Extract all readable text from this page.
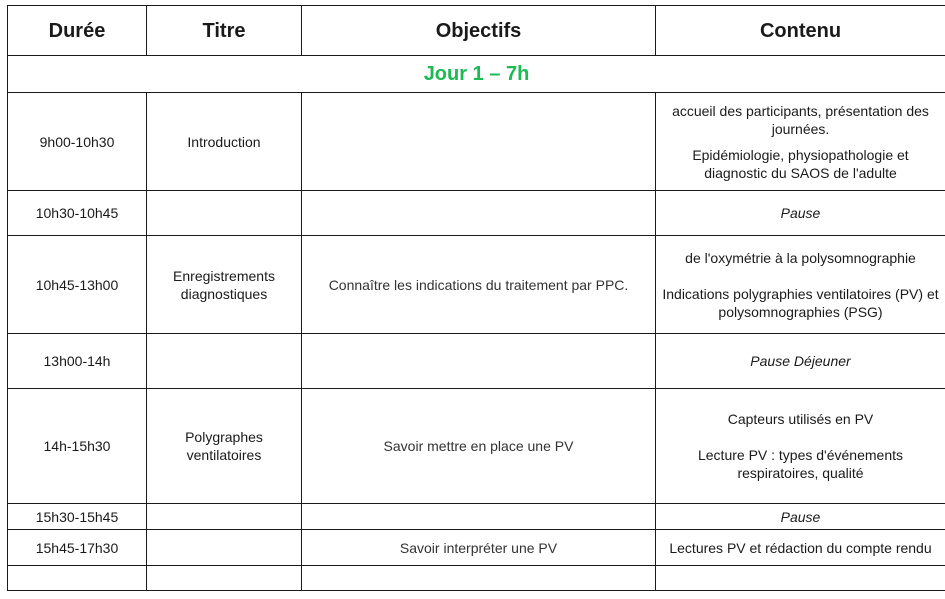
Durée	Titre	Objectifs	Contenu
Jour 1 – 7h			
9h00-10h30	Introduction		accueil des participants, présentation des journées.
Epidémiologie, physiopathologie et diagnostic du SAOS de l'adulte

10h30-10h45			Pause
10h45-13h00	Enregistrements diagnostiques	Connaître les indications du traitement par PPC.	de l'oxymétrie à la polysomnographie
Indications polygraphies ventilatoires (PV) et polysomnographies (PSG)

13h00-14h			Pause Déjeuner
14h-15h30	Polygraphes ventilatoires	Savoir mettre en place une PV	Capteurs utilisés en PV
Lecture PV : types d'événements respiratoires, qualité

15h30-15h45			Pause
15h45-17h30		Savoir interpréter une PV	Lectures PV et rédaction du compte rendu
